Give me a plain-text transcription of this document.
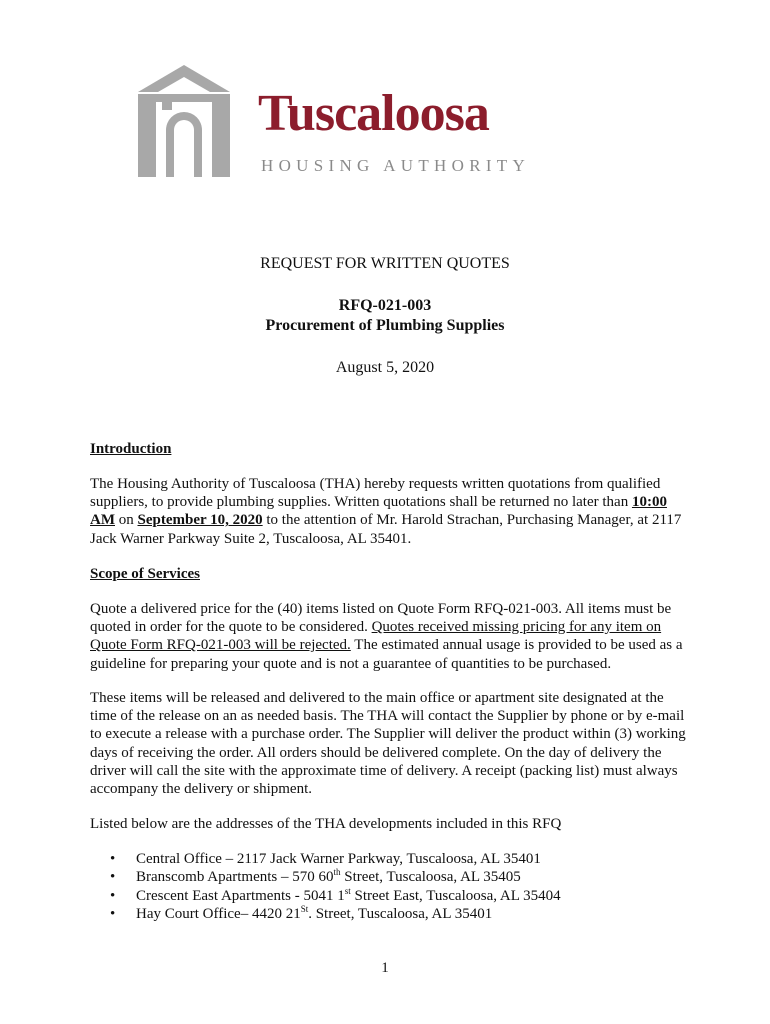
Tuscaloosa
HOUSING AUTHORITY
REQUEST FOR WRITTEN QUOTES
RFQ-021-003
Procurement of Plumbing Supplies
August 5, 2020
Introduction

The Housing Authority of Tuscaloosa (THA) hereby requests written quotations from qualified suppliers, to provide plumbing supplies. Written quotations shall be returned no later than 10:00 AM on September 10, 2020 to the attention of Mr. Harold Strachan, Purchasing Manager, at 2117 Jack Warner Parkway Suite 2, Tuscaloosa, AL 35401.

Scope of Services

Quote a delivered price for the (40) items listed on Quote Form RFQ-021-003. All items must be quoted in order for the quote to be considered. Quotes received missing pricing for any item on Quote Form RFQ-021-003 will be rejected. The estimated annual usage is provided to be used as a guideline for preparing your quote and is not a guarantee of quantities to be purchased.

These items will be released and delivered to the main office or apartment site designated at the time of the release on an as needed basis. The THA will contact the Supplier by phone or by e-mail to execute a release with a purchase order. The Supplier will deliver the product within (3) working days of receiving the order. All orders should be delivered complete. On the day of delivery the driver will call the site with the approximate time of delivery. A receipt (packing list) must always accompany the delivery or shipment.

Listed below are the addresses of the THA developments included in this RFQ

• Central Office – 2117 Jack Warner Parkway, Tuscaloosa, AL 35401
• Branscomb Apartments – 570 60th Street, Tuscaloosa, AL 35405
• Crescent East Apartments - 5041 1st Street East, Tuscaloosa, AL 35404
• Hay Court Office– 4420 21St. Street, Tuscaloosa, AL 35401
1
